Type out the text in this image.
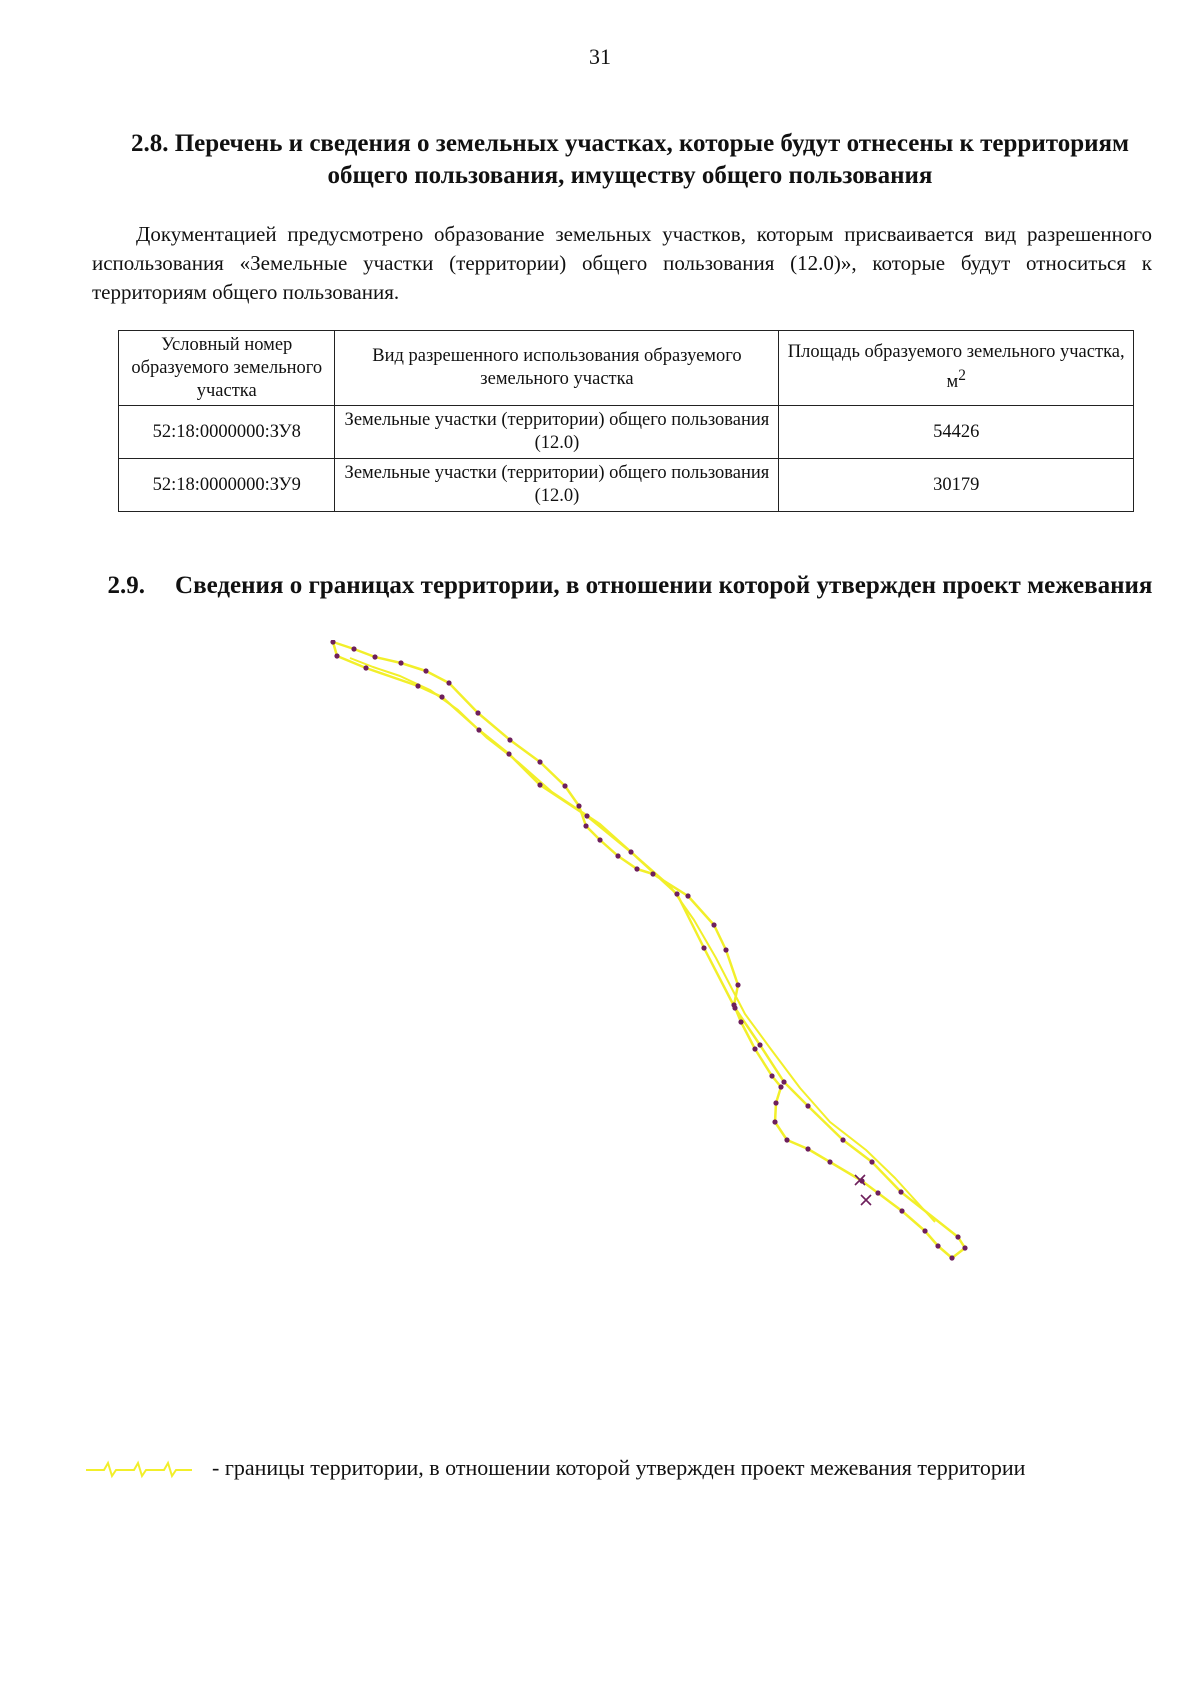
31
2.8. Перечень и сведения о земельных участках, которые будут отнесены к территориям общего пользования, имуществу общего пользования

Документацией предусмотрено образование земельных участков, которым присваивается вид разрешенного использования «Земельные участки (территории) общего пользования (12.0)», которые будут относиться к территориям общего пользования.

Условный номер образуемого земельного участка	Вид разрешенного использования образуемого земельного участка	Площадь образуемого земельного участка, $м^2$
52:18:0000000:ЗУ8	Земельные участки (территории) общего пользования (12.0)	54426
52:18:0000000:ЗУ9	Земельные участки (территории) общего пользования (12.0)	30179
2.9. Сведения о границах территории, в отношении которой утвержден проект межевания
- границы территории, в отношении которой утвержден проект межевания территории
